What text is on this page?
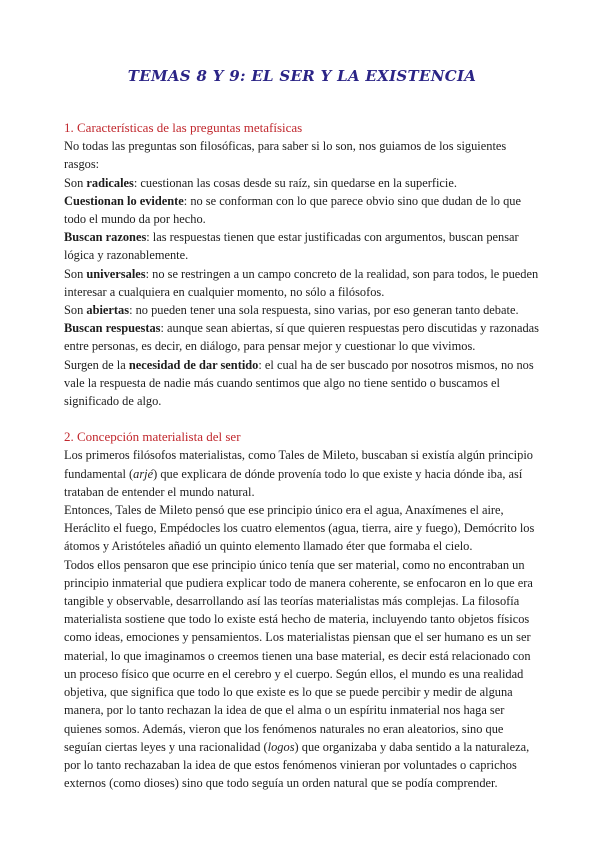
TEMAS 8 Y 9: EL SER Y LA EXISTENCIA
1. Características de las preguntas metafísicas

No todas las preguntas son filosóficas, para saber si lo son, nos guiamos de los siguientes rasgos:

Son radicales: cuestionan las cosas desde su raíz, sin quedarse en la superficie.

Cuestionan lo evidente: no se conforman con lo que parece obvio sino que dudan de lo que todo el mundo da por hecho.

Buscan razones: las respuestas tienen que estar justificadas con argumentos, buscan pensar lógica y razonablemente.

Son universales: no se restringen a un campo concreto de la realidad, son para todos, le pueden interesar a cualquiera en cualquier momento, no sólo a filósofos.

Son abiertas: no pueden tener una sola respuesta, sino varias, por eso generan tanto debate.

Buscan respuestas: aunque sean abiertas, sí que quieren respuestas pero discutidas y razonadas entre personas, es decir, en diálogo, para pensar mejor y cuestionar lo que vivimos.

Surgen de la necesidad de dar sentido: el cual ha de ser buscado por nosotros mismos, no nos vale la respuesta de nadie más cuando sentimos que algo no tiene sentido o buscamos el significado de algo.

2. Concepción materialista del ser

Los primeros filósofos materialistas, como Tales de Mileto, buscaban si existía algún principio fundamental (arjé) que explicara de dónde provenía todo lo que existe y hacia dónde iba, así trataban de entender el mundo natural.

Entonces, Tales de Mileto pensó que ese principio único era el agua, Anaxímenes el aire, Heráclito el fuego, Empédocles los cuatro elementos (agua, tierra, aire y fuego), Demócrito los átomos y Aristóteles añadió un quinto elemento llamado éter que formaba el cielo.

Todos ellos pensaron que ese principio único tenía que ser material, como no encontraban un principio inmaterial que pudiera explicar todo de manera coherente, se enfocaron en lo que era tangible y observable, desarrollando así las teorías materialistas más complejas. La filosofía materialista sostiene que todo lo existe está hecho de materia, incluyendo tanto objetos físicos como ideas, emociones y pensamientos. Los materialistas piensan que el ser humano es un ser material, lo que imaginamos o creemos tienen una base material, es decir está relacionado con un proceso físico que ocurre en el cerebro y el cuerpo. Según ellos, el mundo es una realidad objetiva, que significa que todo lo que existe es lo que se puede percibir y medir de alguna manera, por lo tanto rechazan la idea de que el alma o un espíritu inmaterial nos haga ser quienes somos. Además, vieron que los fenómenos naturales no eran aleatorios, sino que seguían ciertas leyes y una racionalidad (logos) que organizaba y daba sentido a la naturaleza, por lo tanto rechazaban la idea de que estos fenómenos vinieran por voluntades o caprichos externos (como dioses) sino que todo seguía un orden natural que se podía comprender.
